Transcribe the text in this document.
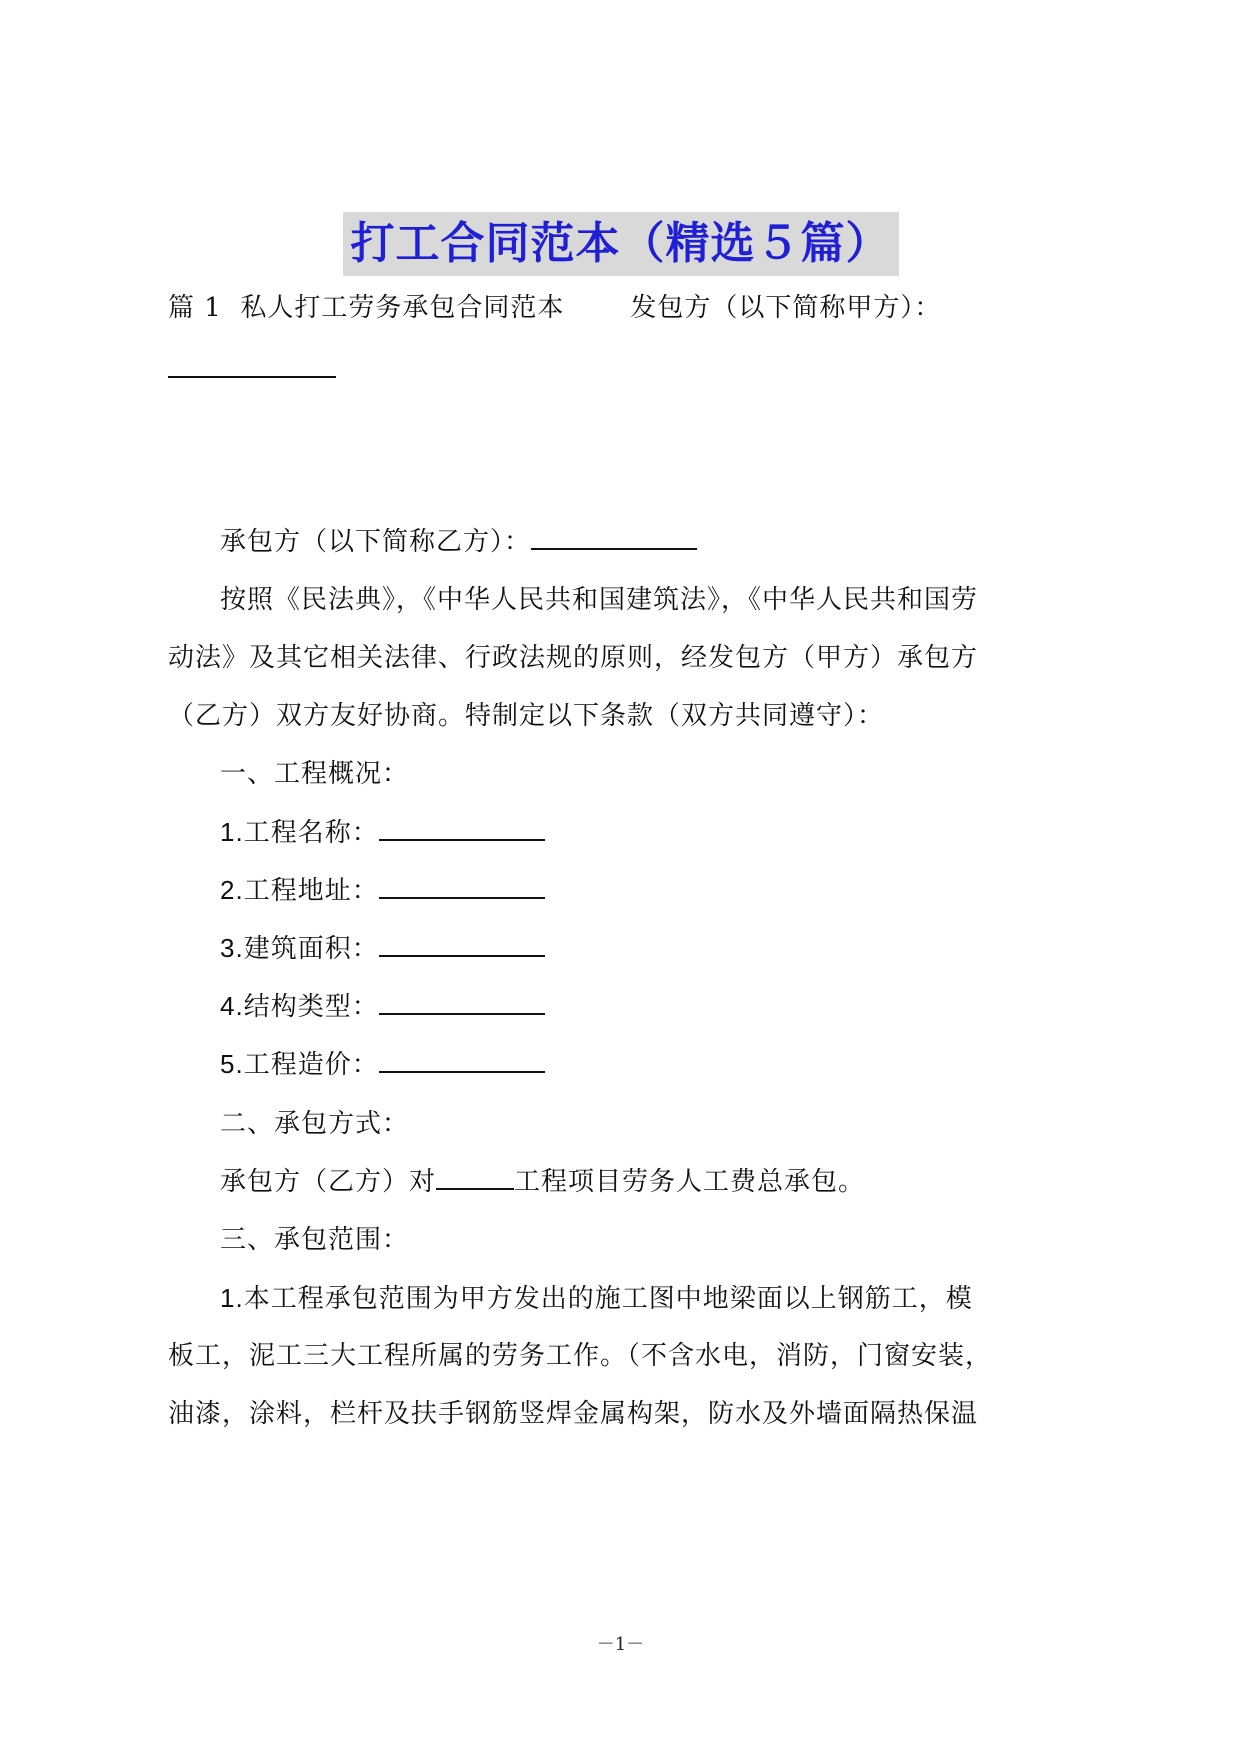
打工合同范本（精选５篇）
篇 1 私人打工劳务承包合同范本	发包方（以下简称甲方）：
承包方（以下简称乙方）：
按照《民法典》，《中华人民共和国建筑法》，《中华人民共和国劳
动法》及其它相关法律、行政法规的原则，经发包方（甲方）承包方
（乙方）双方友好协商。特制定以下条款（双方共同遵守）：
一、工程概况：
1.工程名称：
2.工程地址：
3.建筑面积：
4.结构类型：
5.工程造价：
二、承包方式：
承包方（乙方）对	工程项目劳务人工费总承包。
三、承包范围：
1.本工程承包范围为甲方发出的施工图中地梁面以上钢筋工，模
板工，泥工三大工程所属的劳务工作。（不含水电，消防，门窗安装，
油漆，涂料，栏杆及扶手钢筋竖焊金属构架，防水及外墙面隔热保温
－1－
